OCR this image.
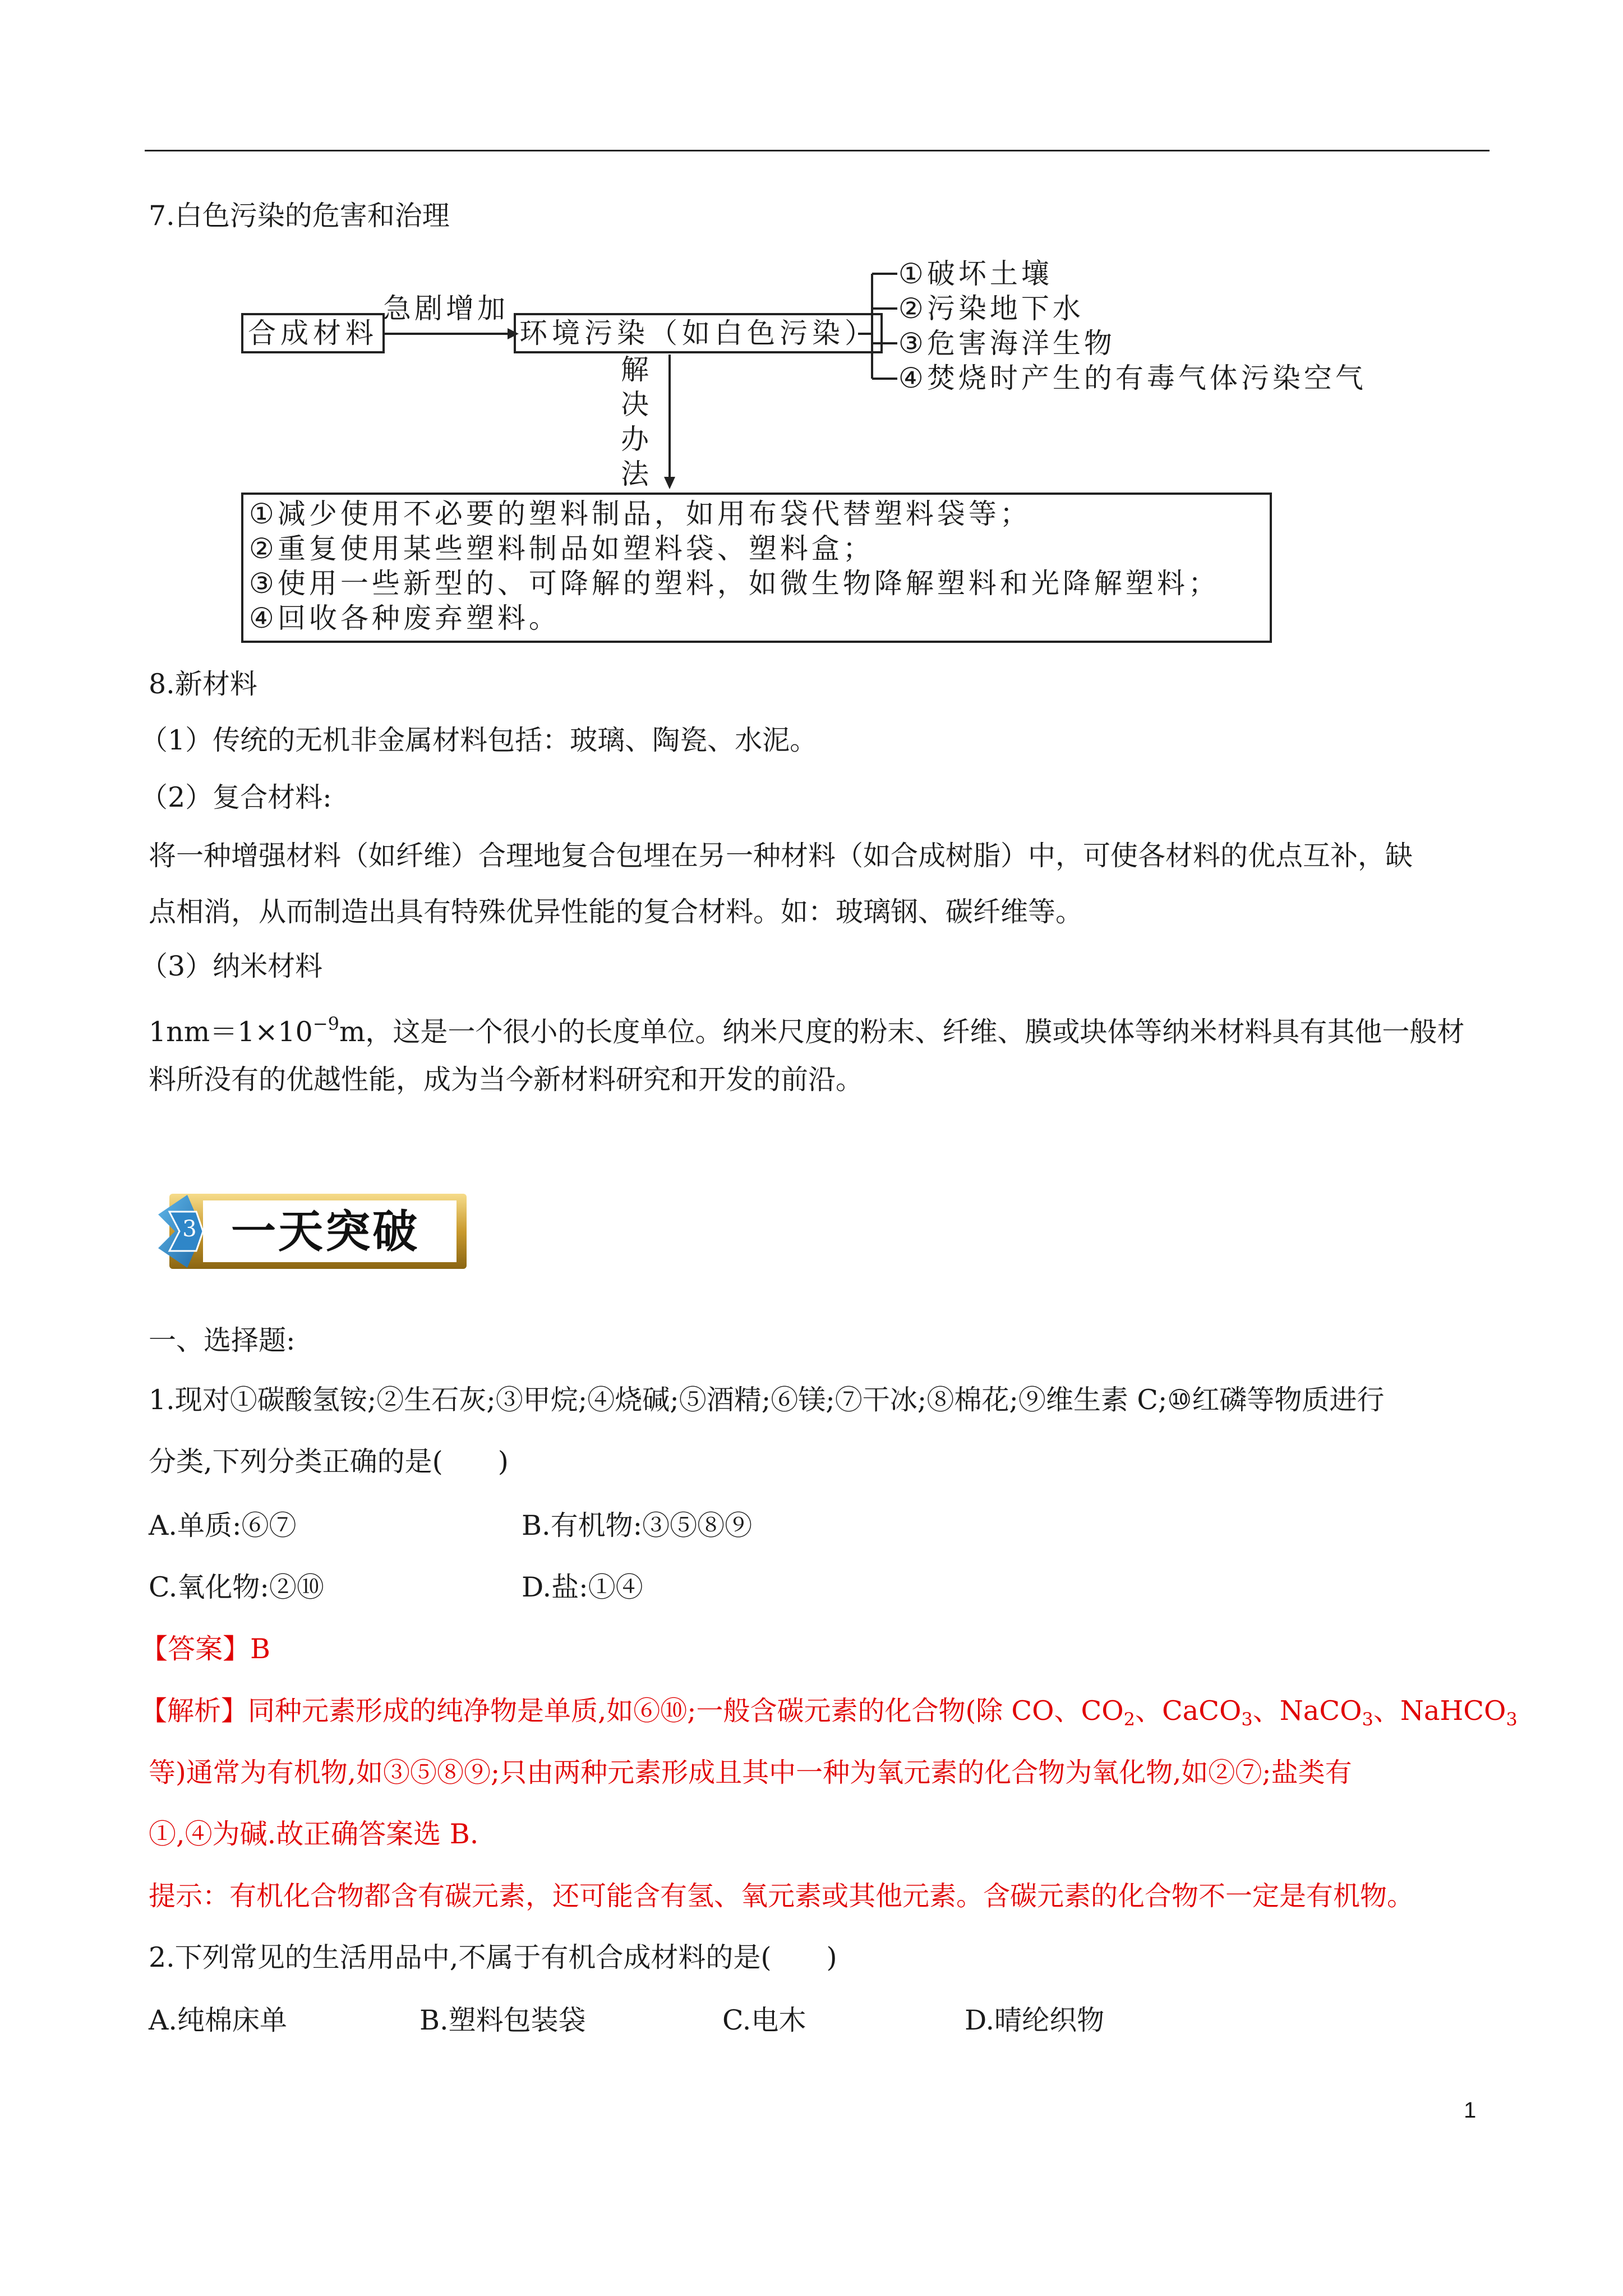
7.白色污染的危害和治理
合成材料
急剧增加
环境污染（如白色污染）
①破坏土壤
②污染地下水
③危害海洋生物
④焚烧时产生的有毒气体污染空气
解
决
办
法
①减少使用不必要的塑料制品，如用布袋代替塑料袋等；
②重复使用某些塑料制品如塑料袋、塑料盒；
③使用一些新型的、可降解的塑料，如微生物降解塑料和光降解塑料；
④回收各种废弃塑料。
8.新材料
（1）传统的无机非金属材料包括：玻璃、陶瓷、水泥。
（2）复合材料:
将一种增强材料（如纤维）合理地复合包埋在另一种材料（如合成树脂）中，可使各材料的优点互补，缺
点相消，从而制造出具有特殊优异性能的复合材料。如：玻璃钢、碳纤维等。
（3）纳米材料
$1nm=1\times 10^{-9}m$，这是一个很小的长度单位。纳米尺度的粉末、纤维、膜或块体等纳米材料具有其他一般材
料所没有的优越性能，成为当今新材料研究和开发的前沿。
3 一天突破
一、选择题:
1.现对①碳酸氢铵;②生石灰;③甲烷;④烧碱;⑤酒精;⑥镁;⑦干冰;⑧棉花;⑨维生素 C;⑩红磷等物质进行
分类,下列分类正确的是(　　)
A.单质:⑥⑦	B.有机物:③⑤⑧⑨
C.氧化物:②⑩	D.盐:①④
【答案】B
【解析】同种元素形成的纯净物是单质,如⑥⑩;一般含碳元素的化合物(除 CO、$CO_2$、CaCO$_3$、NaCO$_3$、NaHCO$_3$
等)通常为有机物,如③⑤⑧⑨;只由两种元素形成且其中一种为氧元素的化合物为氧化物,如②⑦;盐类有
①,④为碱.故正确答案选 B.
提示：有机化合物都含有碳元素，还可能含有氢、氧元素或其他元素。含碳元素的化合物不一定是有机物。
2.下列常见的生活用品中,不属于有机合成材料的是(　　)
A.纯棉床单	B.塑料包装袋	C.电木	D.晴纶织物
1
